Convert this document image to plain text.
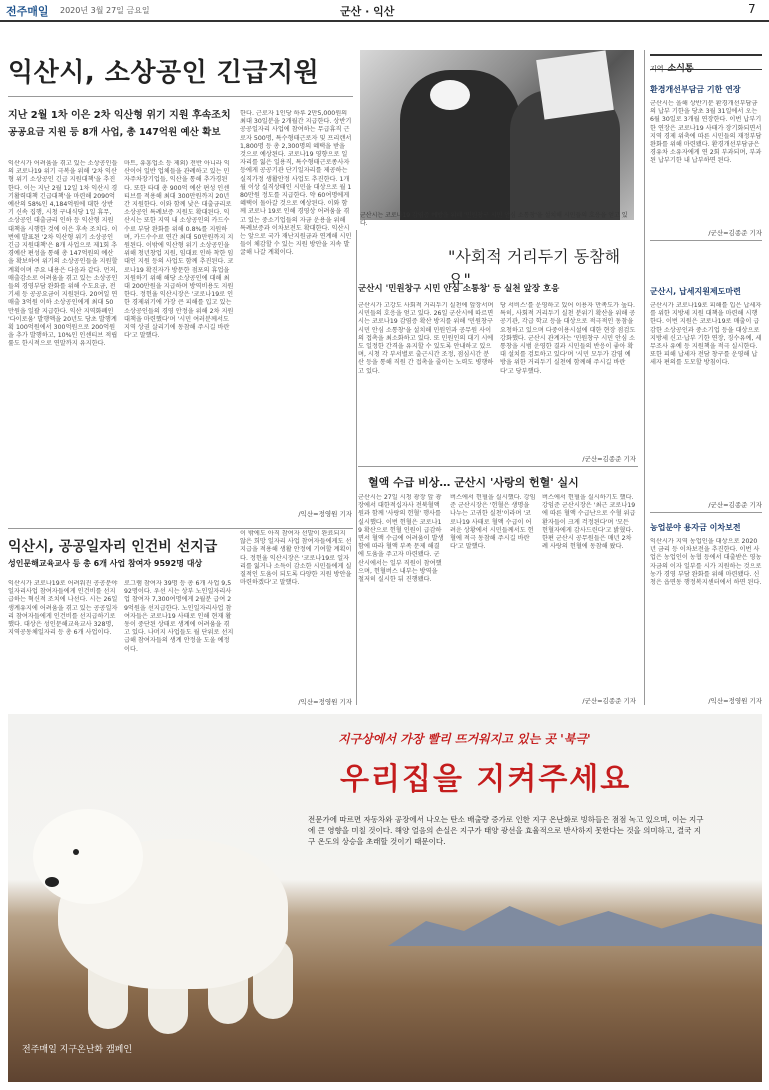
전주매일 2020년 3월 27일 금요일	군산 · 익산	7
익산시, 소상공인 긴급지원
지난 2월 1차 이은 2차 익산형 위기 지원 후속조치
공공요금 지원 등 8개 사업, 총 147억원 예산 확보
익산시가 어려움을 겪고 있는 소상공인들의 코로나19 위기 극복을 위해 '2차 익산형 위기 소상공인 긴급 지원대책'을 추진한다. 이는 지난 2월 12일 1차 익산시 경기활력대책 긴급대책'을 마련해 2090억 예산의 58%인 4,184억원에 대한 상반기 신속 집행, 시청 구내식당 1일 휴무, 소상공인 대출금리 인하 등 익산형 지원대책을 시행한 것에 이은 후속 조치다. 이번에 발표된 '2차 익산형 위기 소상공인 긴급 지원대책'은 8개 사업으로 제1회 추경예산 편성을 통해 총 147억원의 예산을 확보하여 위기의 소상공인들을 지원할 계획이며 주요 내용은 다음과 같다. 먼저, 매출감소로 어려움을 겪고 있는 소상공인들의 경영부담 완화를 위해 수도요금, 전기세 등 공공요금이 지원된다. 20여일 연매출 3억원 이하 소상공인에게 최대 50만원을 일괄 지급한다. 익산 지역화폐인 '다이로움' 발행액을 20년도 당초 발행계획 100억원에서 300억원으로 200억원을 추가 발행하고, 10%인 인센티브 적립률도 한시적으로 연말까지 유지한다.
마트, 유흥업소 등 제외) 전반 아니라 익산이어 일반 업체들을 관례하고 있는 민자주차장기업들, 익산을 통해 추가경된다. 또한 타대 총 900억 예산 편성 인센티브를 적용해 최대 300만원까지 20년간 지원한다. 이와 함께 낮은 대출금리로 소상공인 특례보증 지원도 확대된다. 익산시는 또한 지역 내 소상공인의 카드수수료 부담 완화를 위해 0.8%를 지원하며, 카드수수료 연간 최대 50만원까지 지원된다. 이밖에 익산형 위기 소상공인을 위해 청년창업 지원, 임대료 인하 착한 임대인 지원 등의 사업도 함께 추진된다. 코로나19 확진자가 방문한 점포의 휴업을 지원하기 위해 해당 소상공인에 대해 최대 200만원을 지급하며 방역비용도 지원한다. 정헌율 익산시장은 '코로나19로 인한 경제위기에 가장 큰 피해를 입고 있는 소상공인들의 경영 안정을 위해 2차 지원대책을 마련했다'며 '시민 여러분께서도 지역 상권 살리기에 동참해 주시길 바란다'고 말했다.
한다. 근로자 1인당 하루 2만5,000원의 최대 30일분을 2개월간 지급한다. 상반기 공공일자리 사업에 참여하는 무급휴직 근로자 500명, 특수형태근로자 및 프리랜서 1,800명 등 총 2,300명의 혜택을 받을 것으로 예상된다. 코로나19 영향으로 일자리를 잃은 일용직, 특수형태근로종사자 등에게 공공기관 단기일자리를 제공하는 실직가정 생활안정 사업도 추진한다. 1개월 이상 실직상태인 시민을 대상으로 월 180만원 정도를 지급한다. 약 60여명에게 혜택이 돌아갈 것으로 예상된다. 이와 함께 코로나 19로 인해 경영상 어려움을 겪고 있는 중소기업들의 자금 운용을 위해 특례보증과 이차보전도 확대한다. 익산시는 앞으로 국가 재난지원금과 연계해 시민들이 체감할 수 있는 지원 방안을 지속 발굴해 나갈 계획이다.
/익산=정영원 기자
군산시는 코로나19 감염증 예방을 위해 '민원창구 시민 안심 소통창'을 설치해 시민들의 호응을 얻고 있다.
"사회적 거리두기 동참해요"
군산시 '민원창구 시민 안심 소통창' 등 실천 앞장 호응
군산시가 고강도 사회적 거리두기 실천에 앞장서며 시민들의 호응을 얻고 있다. 26일 군산시에 따르면 시는 코로나19 감염증 확산 방지를 위해 '민원창구 시민 안심 소통창'을 설치해 민원인과 공무원 사이의 접촉을 최소화하고 있다. 또 민원인의 대기 시에도 일정한 간격을 유지할 수 있도록 안내하고 있으며, 시청 각 부서별로 출근시간 조정, 점심시간 분산 등을 통해 직원 간 접촉을 줄이는 노력도 병행하고 있다.
당 서비스'를 운영하고 있어 이용자 만족도가 높다. 특히, 사회적 거리두기 실천 분위기 확산을 위해 공공기관, 각급 학교 등을 대상으로 적극적인 동참을 요청하고 있으며 다중이용시설에 대한 현장 점검도 강화했다. 군산시 관계자는 '민원창구 시민 안심 소통창을 시범 운영한 결과 시민들의 반응이 좋아 확대 설치를 검토하고 있다'며 '시민 모두가 감염 예방을 위한 거리두기 실천에 함께해 주시길 바란다'고 당부했다.
/군산=김종준 기자
혈액 수급 비상… 군산시 '사랑의 헌혈' 실시
군산시는 27일 시청 광장 앞 광장에서 대한적십자사 전북혈액원과 함께 '사랑의 헌혈' 행사를 실시했다. 이번 헌혈은 코로나19 확산으로 헌혈 인원이 급감하면서 혈액 수급에 어려움이 발생함에 따라 혈액 부족 문제 해결에 도움을 주고자 마련됐다. 군산시에서는 일부 직원이 참여했으며, 헌혈버스 내부는 방역을 철저히 실시한 뒤 진행됐다.
버스에서 헌혈을 실시했다. 강임준 군산시장은 '헌혈은 생명을 나누는 고귀한 실천'이라며 '코로나19 사태로 혈액 수급이 어려운 상황에서 시민들께서도 헌혈에 적극 동참해 주시길 바란다'고 말했다.
버스에서 헌혈을 실시하기도 했다. 강임준 군산시장은 '최근 코로나19에 따른 혈액 수급난으로 수혈 위급 환자들이 크게 걱정된다'며 '모든 헌혈자에게 감사드린다'고 밝혔다. 한편 군산시 공무원들은 매년 2차례 사랑의 헌혈에 동참해 왔다.
/군산=김종준 기자
익산시, 공공일자리 인건비 선지급
성인문해교육교사 등 총 6개 사업 참여자 9592명 대상
익산시가 코로나19로 어려워진 공공분야 일자리사업 참여자들에게 인건비를 선지급하는 혁신적 조치에 나선다. 시는 26일 생계유지에 어려움을 겪고 있는 공공일자리 참여자들에게 인건비를 선지급하기로 했다. 대상은 성인문해교육교사 328명, 지역공동체일자리 등 총 6개 사업이다.
로그램 참여자 39명 등 총 6개 사업 9,592명이다. 우선 시는 상부 노인일자리사업 참여자 7,300여명에게 2월분 급여 29억원을 선지급한다. 노인일자리사업 참여자들은 코로나19 사태로 인해 현재 활동이 중단된 상태로 생계에 어려움을 겪고 있다. 나머지 사업들도 월 단위로 선지급해 참여자들의 생계 안정을 도울 예정이다.
이 밖에도 아직 참여자 선발이 완료되지 않은 희망 일자리 사업 참여자들에게도 선지급을 적용해 생활 안정에 기여할 계획이다. 정헌율 익산시장은 '코로나19로 일자리를 잃거나 소득이 감소한 시민들에게 실질적인 도움이 되도록 다양한 지원 방안을 마련하겠다'고 말했다.
/익산=정영원 기자
지역 소식통
환경개선부담금 기한 연장
군산시는 올해 상반기분 환경개선부담금의 납부 기한을 당초 3월 31일에서 오는 6월 30일로 3개월 연장한다. 이번 납부기한 연장은 코로나19 사태가 장기화되면서 지역 경제 위축에 따른 시민들의 재정부담 완화를 위해 마련됐다. 환경개선부담금은 경유차 소유자에게 연 2회 부과되며, 부과된 납부기한 내 납부하면 된다.
/군산=김종준 기자
군산시, 납세지원제도마련
군산시가 코로나19로 피해를 입은 납세자를 위한 지방세 지원 대책을 마련해 시행한다. 이번 지원은 코로나19로 매출이 급감한 소상공인과 중소기업 등을 대상으로 지방세 신고·납부 기한 연장, 징수유예, 세무조사 유예 등 지원책을 적극 실시한다. 또한 피해 납세자 전담 창구를 운영해 납세자 편의를 도모할 방침이다.
/군산=김종준 기자
농업분야 용자금 이차보전
익산시가 지역 농업인을 대상으로 2020년 금리 등 이차보전을 추진한다. 이번 사업은 농업인이 농협 등에서 대출받은 영농자금의 이자 일부를 시가 지원하는 것으로 농가 경영 부담 완화를 위해 마련됐다. 신청은 읍면동 행정복지센터에서 하면 된다.
/익산=정영원 기자
지구상에서 가장 빨리 뜨거워지고 있는 곳 '북극'
우리집을 지켜주세요
전문가에 따르면 자동차와 공장에서 나오는 탄소 배출량 증가로 인한 지구 온난화로 빙하들은 점점 녹고 있으며, 이는 지구에 큰 영향을 미칠 것이다. 해양 얼음의 손실은 지구가 태양 광선을 효율적으로 반사하지 못한다는 것을 의미하고, 결국 지구 온도의 상승을 초래할 것이기 때문이다.
전주매일 지구온난화 캠페인
